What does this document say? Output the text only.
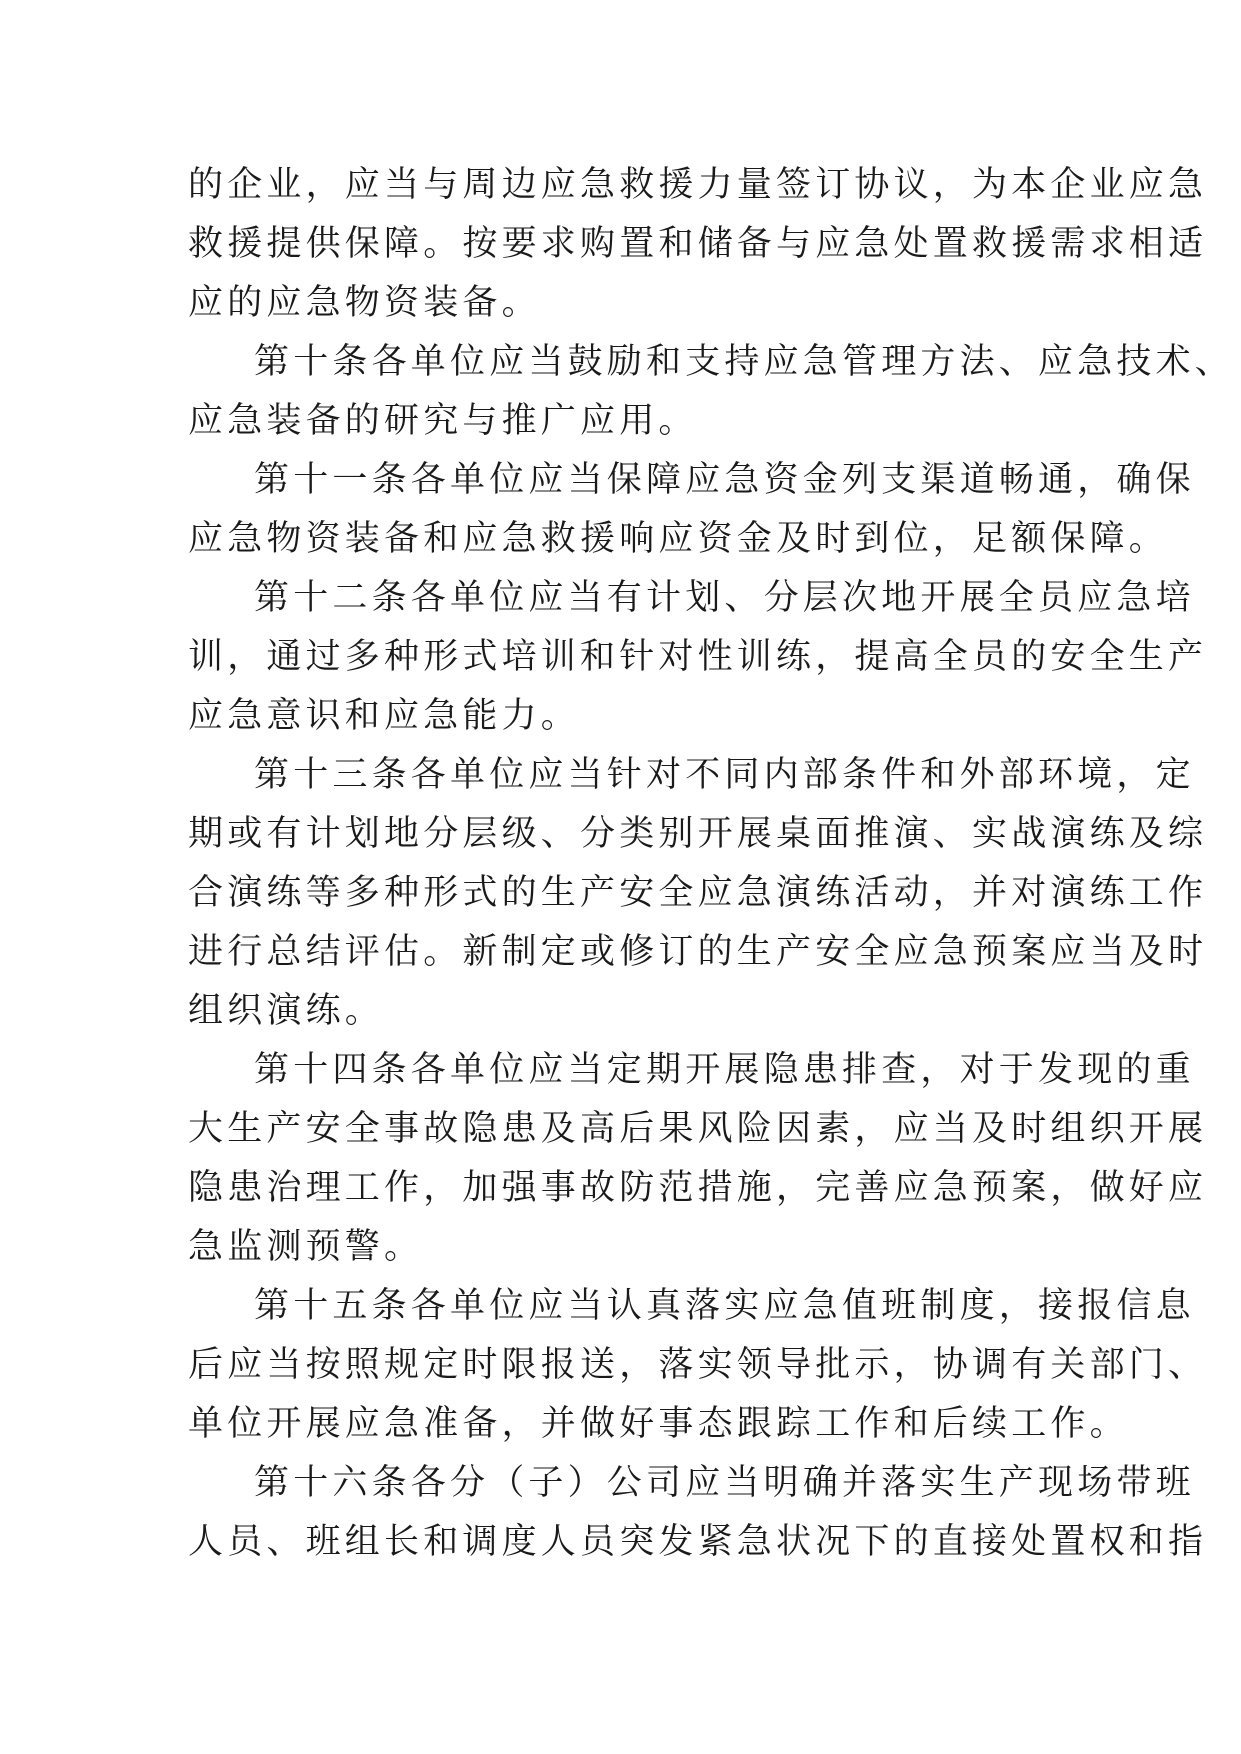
的企业，应当与周边应急救援力量签订协议，为本企业应急
救援提供保障。按要求购置和储备与应急处置救援需求相适
应的应急物资装备。
第十条各单位应当鼓励和支持应急管理方法、应急技术、
应急装备的研究与推广应用。
第十一条各单位应当保障应急资金列支渠道畅通，确保
应急物资装备和应急救援响应资金及时到位，足额保障。
第十二条各单位应当有计划、分层次地开展全员应急培
训，通过多种形式培训和针对性训练，提高全员的安全生产
应急意识和应急能力。
第十三条各单位应当针对不同内部条件和外部环境，定
期或有计划地分层级、分类别开展桌面推演、实战演练及综
合演练等多种形式的生产安全应急演练活动，并对演练工作
进行总结评估。新制定或修订的生产安全应急预案应当及时
组织演练。
第十四条各单位应当定期开展隐患排查，对于发现的重
大生产安全事故隐患及高后果风险因素，应当及时组织开展
隐患治理工作，加强事故防范措施，完善应急预案，做好应
急监测预警。
第十五条各单位应当认真落实应急值班制度，接报信息
后应当按照规定时限报送，落实领导批示，协调有关部门、
单位开展应急准备，并做好事态跟踪工作和后续工作。
第十六条各分（子）公司应当明确并落实生产现场带班
人员、班组长和调度人员突发紧急状况下的直接处置权和指
